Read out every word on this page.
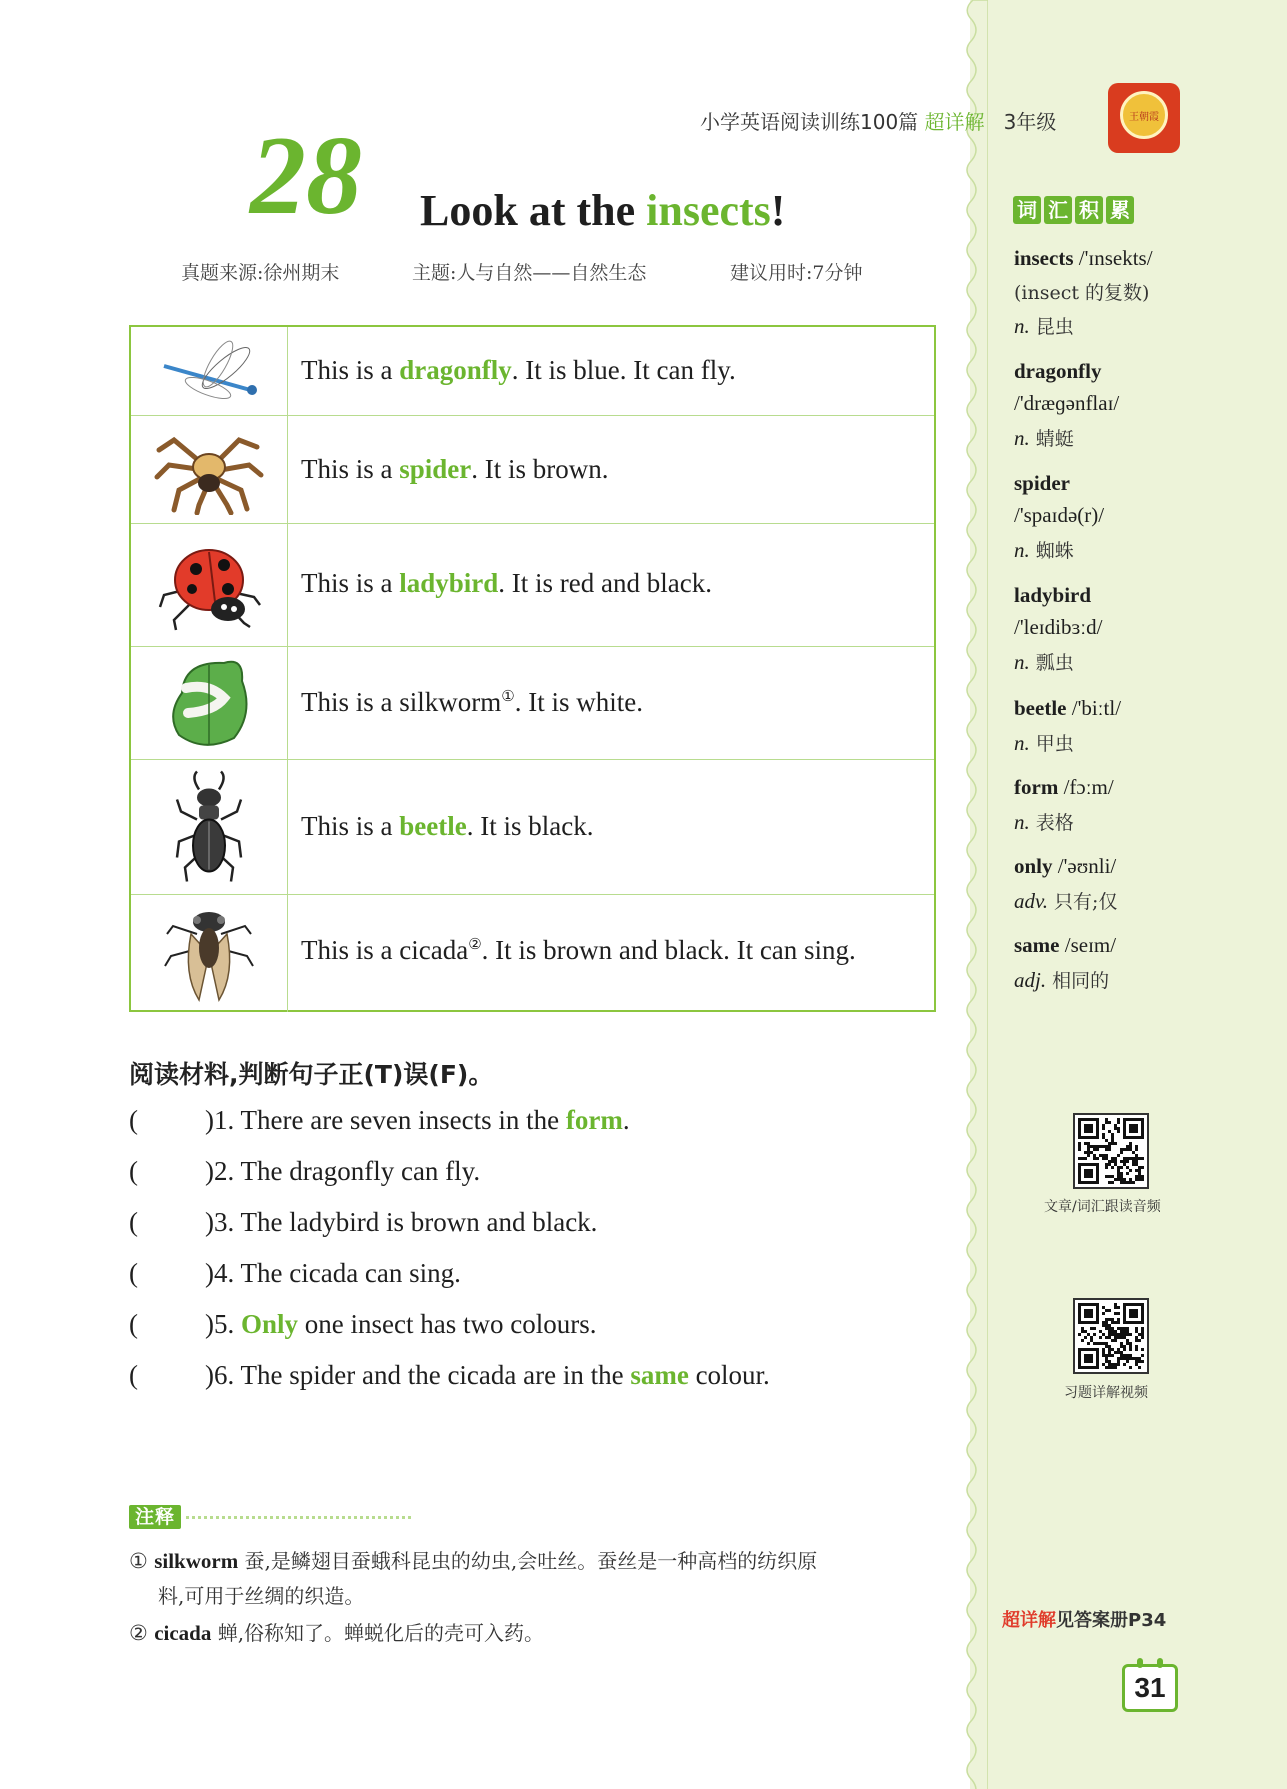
小学英语阅读训练100篇 超详解 3年级	王朝霞
28 Look at the insects!
真题来源:徐州期末	主题:人与自然——自然生态	建议用时:7分钟
This is a dragonfly. It is blue. It can fly.
This is a spider. It is brown.
This is a ladybird. It is red and black.
This is a silkworm①. It is white.
This is a beetle. It is black.
This is a cicada②. It is brown and black. It can sing.
阅读材料,判断句子正(T)误(F)。
( )1. There are seven insects in the form.
( )2. The dragonfly can fly.
( )3. The ladybird is brown and black.
( )4. The cicada can sing.
( )5. Only one insect has two colours.
( )6. The spider and the cicada are in the same colour.
注释
① silkworm 蚕,是鳞翅目蚕蛾科昆虫的幼虫,会吐丝。蚕丝是一种高档的纺织原
料,可用于丝绸的织造。
② cicada 蝉,俗称知了。蝉蜕化后的壳可入药。
词 汇 积 累
insects /'ɪnsekts/
(insect 的复数)
n. 昆虫
dragonfly
/'dræɡənflaɪ/
n. 蜻蜓
spider
/'spaɪdə(r)/
n. 蜘蛛
ladybird
/'leɪdibɜːd/
n. 瓢虫
beetle /'biːtl/
n. 甲虫
form /fɔːm/
n. 表格
only /'əʊnli/
adv. 只有;仅
same /seɪm/
adj. 相同的
文章/词汇跟读音频
习题详解视频
超详解见答案册P34
31
